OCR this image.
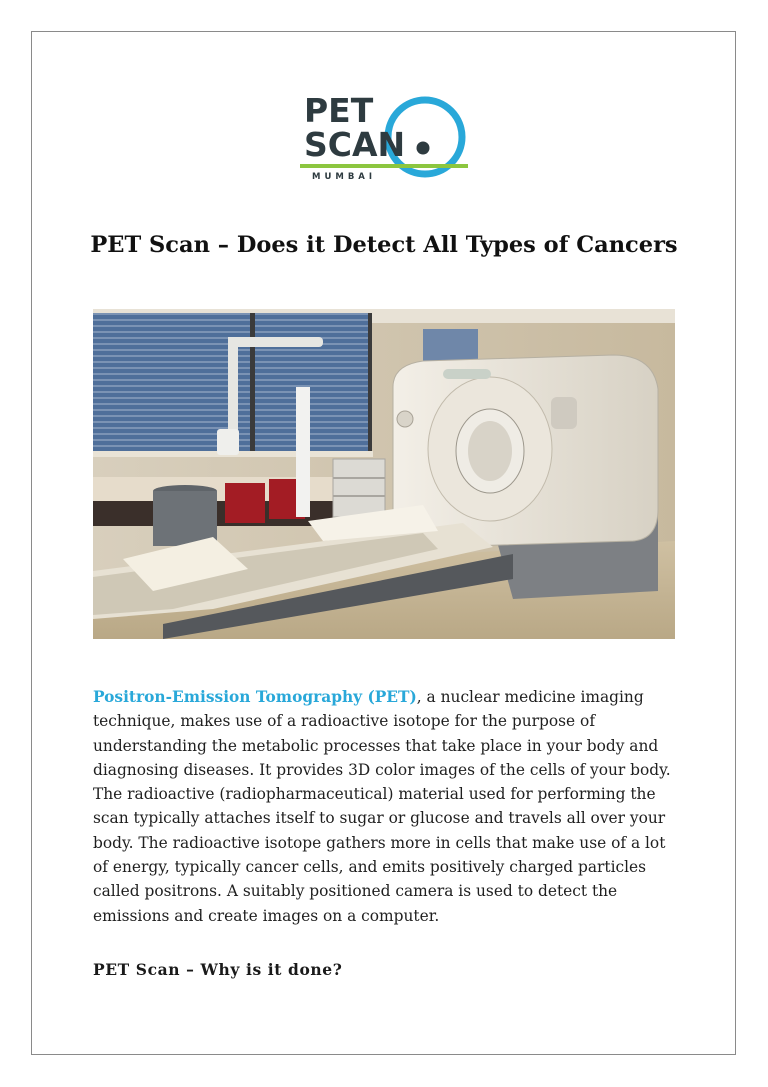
PET
SCAN
MUMBAI
PET Scan – Does it Detect All Types of Cancers

Positron-Emission Tomography (PET), a nuclear medicine imaging technique, makes use of a radioactive isotope for the purpose of understanding the metabolic processes that take place in your body and diagnosing diseases. It provides 3D color images of the cells of your body. The radioactive (radiopharmaceutical) material used for performing the scan typically attaches itself to sugar or glucose and travels all over your body. The radioactive isotope gathers more in cells that make use of a lot of energy, typically cancer cells, and emits positively charged particles called positrons. A suitably positioned camera is used to detect the emissions and create images on a computer.

PET Scan – Why is it done?
